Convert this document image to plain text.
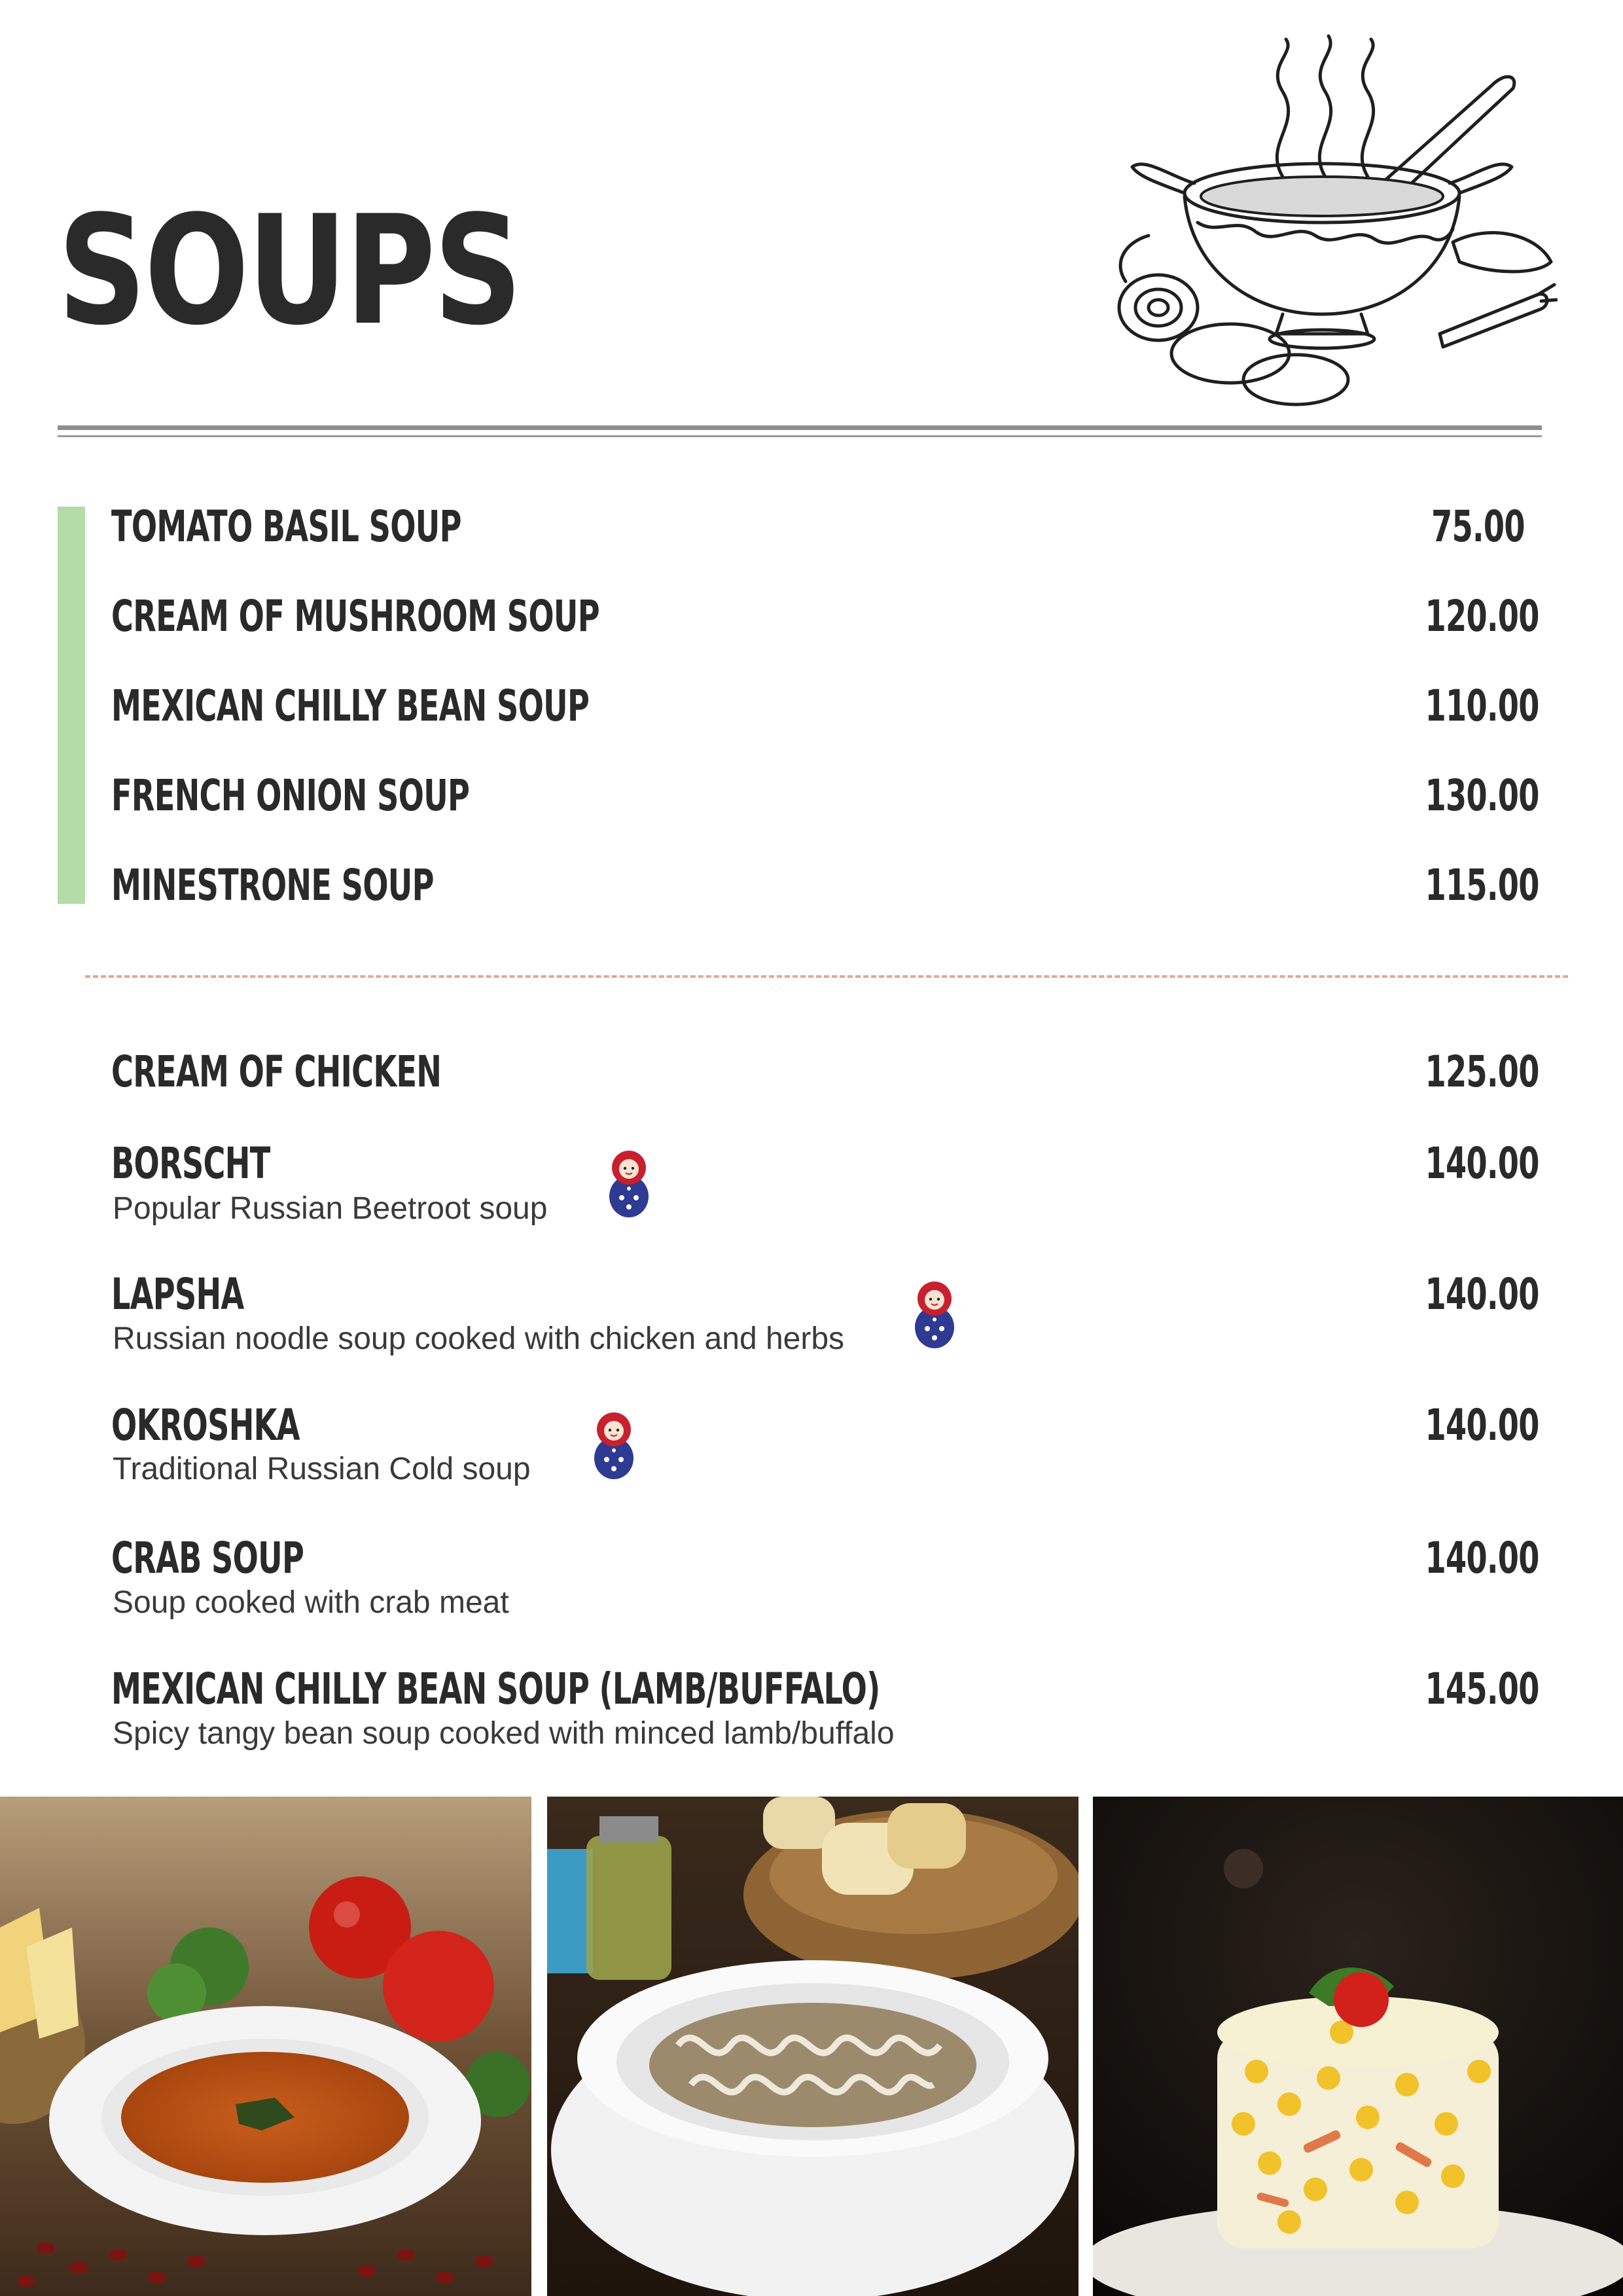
SOUPS
TOMATO BASIL SOUP	75.00
CREAM OF MUSHROOM SOUP	120.00
MEXICAN CHILLY BEAN SOUP	110.00
FRENCH ONION SOUP	130.00
MINESTRONE SOUP	115.00
CREAM OF CHICKEN	125.00
BORSCHT	140.00
Popular Russian Beetroot soup
LAPSHA	140.00
Russian noodle soup cooked with chicken and herbs
OKROSHKA	140.00
Traditional Russian Cold soup
CRAB SOUP	140.00
Soup cooked with crab meat
MEXICAN CHILLY BEAN SOUP (LAMB/BUFFALO)	145.00
Spicy tangy bean soup cooked with minced lamb/buffalo
